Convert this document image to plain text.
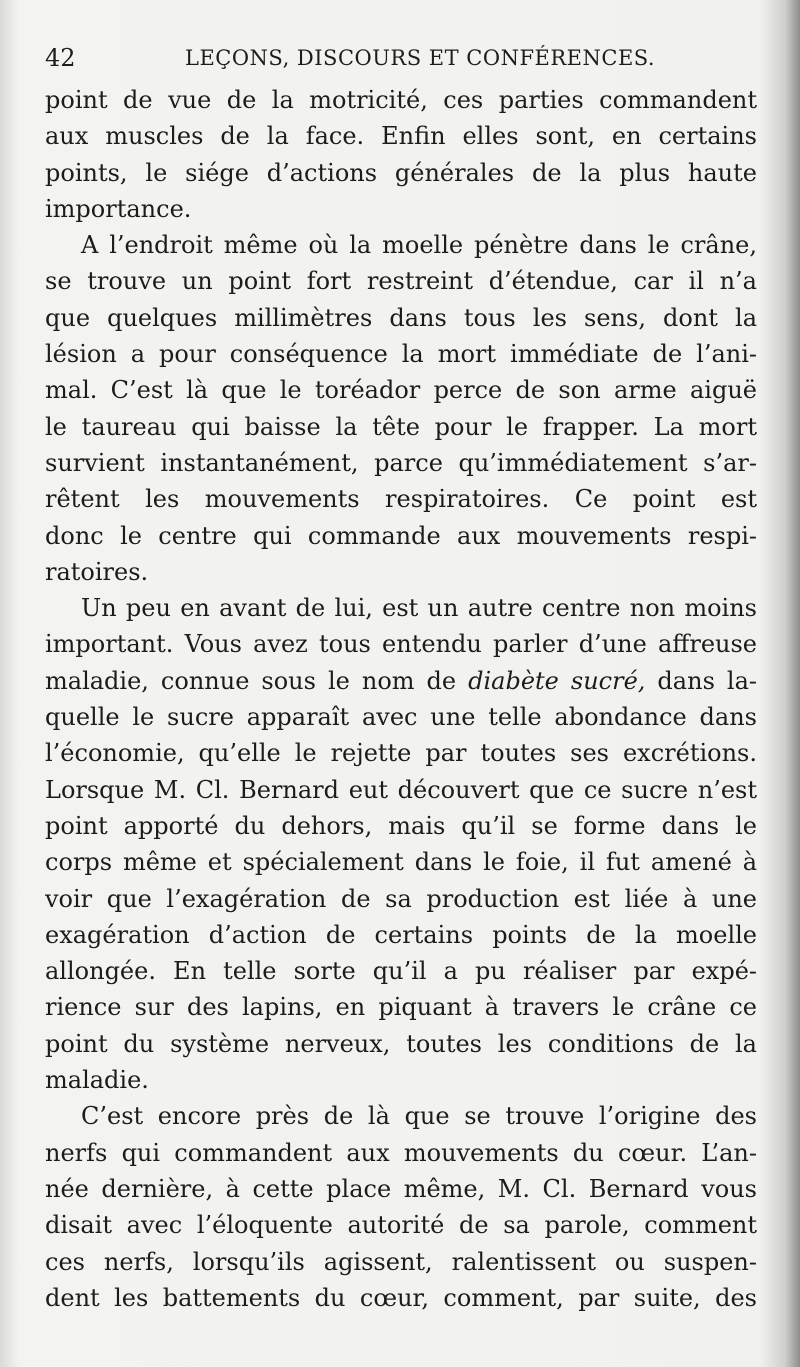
42	LEÇONS, DISCOURS ET CONFÉRENCES.

point de vue de la motricité, ces parties commandent
aux muscles de la face. Enfin elles sont, en certains
points, le siége d’actions générales de la plus haute
importance.

A l’endroit même où la moelle pénètre dans le crâne,
se trouve un point fort restreint d’étendue, car il n’a
que quelques millimètres dans tous les sens, dont la
lésion a pour conséquence la mort immédiate de l’ani-
mal. C’est là que le toréador perce de son arme aiguë
le taureau qui baisse la tête pour le frapper. La mort
survient instantanément, parce qu’immédiatement s’ar-
rêtent les mouvements respiratoires. Ce point est
donc le centre qui commande aux mouvements respi-
ratoires.

Un peu en avant de lui, est un autre centre non moins
important. Vous avez tous entendu parler d’une affreuse
maladie, connue sous le nom de diabète sucré, dans la-
quelle le sucre apparaît avec une telle abondance dans
l’économie, qu’elle le rejette par toutes ses excrétions.
Lorsque M. Cl. Bernard eut découvert que ce sucre n’est
point apporté du dehors, mais qu’il se forme dans le
corps même et spécialement dans le foie, il fut amené à
voir que l’exagération de sa production est liée à une
exagération d’action de certains points de la moelle
allongée. En telle sorte qu’il a pu réaliser par expé-
rience sur des lapins, en piquant à travers le crâne ce
point du système nerveux, toutes les conditions de la
maladie.

C’est encore près de là que se trouve l’origine des
nerfs qui commandent aux mouvements du cœur. L’an-
née dernière, à cette place même, M. Cl. Bernard vous
disait avec l’éloquente autorité de sa parole, comment
ces nerfs, lorsqu’ils agissent, ralentissent ou suspen-
dent les battements du cœur, comment, par suite, des
